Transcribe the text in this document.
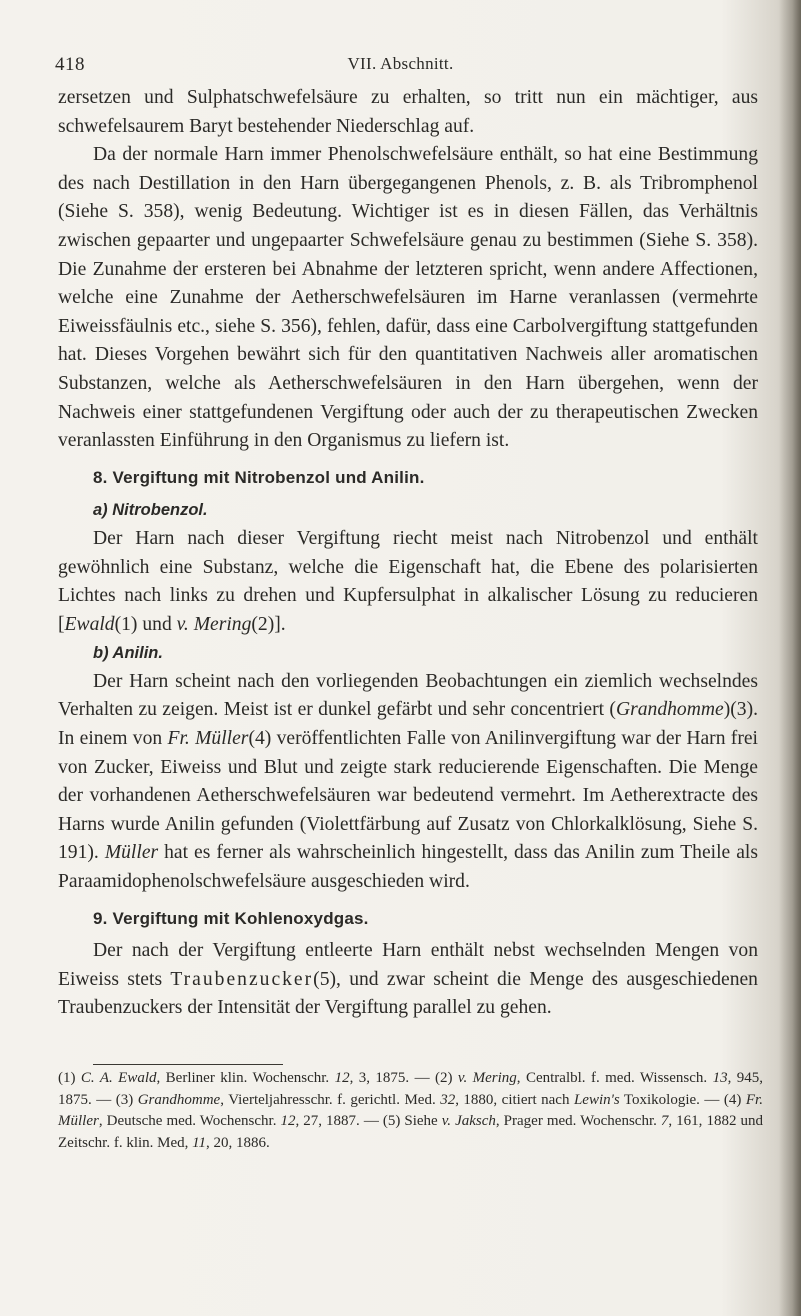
418	VII. Abschnitt.

zersetzen und Sulphatschwefelsäure zu erhalten, so tritt nun ein mächtiger, aus schwefelsaurem Baryt bestehender Niederschlag auf.

Da der normale Harn immer Phenolschwefelsäure enthält, so hat eine Bestimmung des nach Destillation in den Harn übergegangenen Phenols, z. B. als Tribromphenol (Siehe S. 358), wenig Bedeutung. Wichtiger ist es in diesen Fällen, das Verhältnis zwischen gepaarter und ungepaarter Schwefelsäure genau zu bestimmen (Siehe S. 358). Die Zunahme der ersteren bei Abnahme der letzteren spricht, wenn andere Affectionen, welche eine Zunahme der Aetherschwefelsäuren im Harne veranlassen (vermehrte Eiweissfäulnis etc., siehe S. 356), fehlen, dafür, dass eine Carbolvergiftung stattgefunden hat. Dieses Vorgehen bewährt sich für den quantitativen Nachweis aller aromatischen Substanzen, welche als Aetherschwefelsäuren in den Harn übergehen, wenn der Nachweis einer stattgefundenen Vergiftung oder auch der zu therapeutischen Zwecken veranlassten Einführung in den Organismus zu liefern ist.

8. Vergiftung mit Nitrobenzol und Anilin.

a) Nitrobenzol.

Der Harn nach dieser Vergiftung riecht meist nach Nitrobenzol und enthält gewöhnlich eine Substanz, welche die Eigenschaft hat, die Ebene des polarisierten Lichtes nach links zu drehen und Kupfersulphat in alkalischer Lösung zu reducieren [Ewald(1) und v. Mering(2)].

b) Anilin.

Der Harn scheint nach den vorliegenden Beobachtungen ein ziemlich wechselndes Verhalten zu zeigen. Meist ist er dunkel gefärbt und sehr concentriert (Grandhomme)(3). In einem von Fr. Müller(4) veröffentlichten Falle von Anilinvergiftung war der Harn frei von Zucker, Eiweiss und Blut und zeigte stark reducierende Eigenschaften. Die Menge der vorhandenen Aetherschwefelsäuren war bedeutend vermehrt. Im Aetherextracte des Harns wurde Anilin gefunden (Violettfärbung auf Zusatz von Chlorkalklösung, Siehe S. 191). Müller hat es ferner als wahrscheinlich hingestellt, dass das Anilin zum Theile als Paraamidophenolschwefelsäure ausgeschieden wird.

9. Vergiftung mit Kohlenoxydgas.

Der nach der Vergiftung entleerte Harn enthält nebst wechselnden Mengen von Eiweiss stets Traubenzucker(5), und zwar scheint die Menge des ausgeschiedenen Traubenzuckers der Intensität der Vergiftung parallel zu gehen.

(1) C. A. Ewald, Berliner klin. Wochenschr. 12, 3, 1875. — (2) v. Mering, Centralbl. f. med. Wissensch. 13, 945, 1875. — (3) Grandhomme, Vierteljahresschr. f. gerichtl. Med. 32, 1880, citiert nach Lewin's Toxikologie. — (4) Fr. Müller, Deutsche med. Wochenschr. 12, 27, 1887. — (5) Siehe v. Jaksch, Prager med. Wochenschr. 7, 161, 1882 und Zeitschr. f. klin. Med, 11, 20, 1886.
